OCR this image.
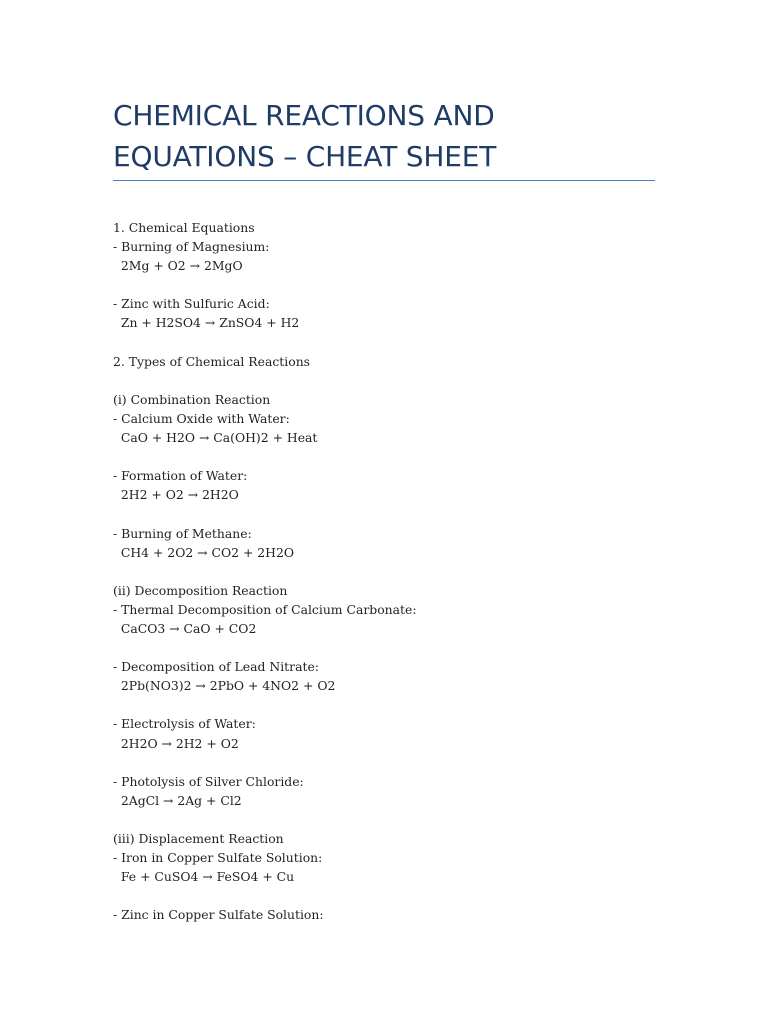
CHEMICAL REACTIONS AND EQUATIONS – CHEAT SHEET
1. Chemical Equations
- Burning of Magnesium:
2Mg + O2 → 2MgO
- Zinc with Sulfuric Acid:
Zn + H2SO4 → ZnSO4 + H2
2. Types of Chemical Reactions
(i) Combination Reaction
- Calcium Oxide with Water:
CaO + H2O → Ca(OH)2 + Heat
- Formation of Water:
2H2 + O2 → 2H2O
- Burning of Methane:
CH4 + 2O2 → CO2 + 2H2O
(ii) Decomposition Reaction
- Thermal Decomposition of Calcium Carbonate:
CaCO3 → CaO + CO2
- Decomposition of Lead Nitrate:
2Pb(NO3)2 → 2PbO + 4NO2 + O2
- Electrolysis of Water:
2H2O → 2H2 + O2
- Photolysis of Silver Chloride:
2AgCl → 2Ag + Cl2
(iii) Displacement Reaction
- Iron in Copper Sulfate Solution:
Fe + CuSO4 → FeSO4 + Cu
- Zinc in Copper Sulfate Solution:
